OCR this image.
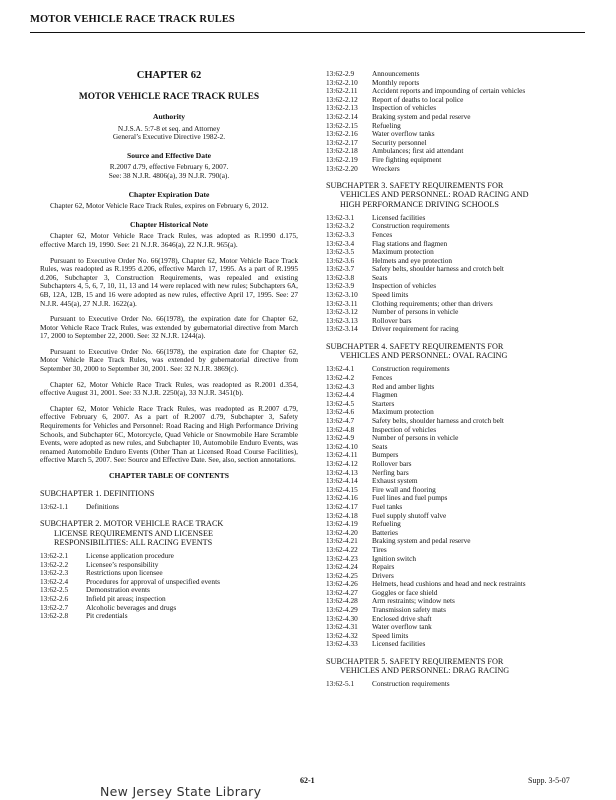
MOTOR VEHICLE RACE TRACK RULES
CHAPTER 62
MOTOR VEHICLE RACE TRACK RULES
Authority
N.J.S.A. 5:7-8 et seq. and Attorney
General’s Executive Directive 1982-2.
Source and Effective Date
R.2007 d.79, effective February 6, 2007.
See: 38 N.J.R. 4806(a), 39 N.J.R. 790(a).
Chapter Expiration Date

Chapter 62, Motor Vehicle Race Track Rules, expires on February 6, 2012.

Chapter Historical Note

Chapter 62, Motor Vehicle Race Track Rules, was adopted as R.1990 d.175, effective March 19, 1990. See: 21 N.J.R. 3646(a), 22 N.J.R. 965(a).

Pursuant to Executive Order No. 66(1978), Chapter 62, Motor Vehicle Race Track Rules, was readopted as R.1995 d.206, effective March 17, 1995. As a part of R.1995 d.206, Subchapter 3, Construction Requirements, was repealed and existing Subchapters 4, 5, 6, 7, 10, 11, 13 and 14 were replaced with new rules; Subchapters 6A, 6B, 12A, 12B, 15 and 16 were adopted as new rules, effective April 17, 1995. See: 27 N.J.R. 445(a), 27 N.J.R. 1622(a).

Pursuant to Executive Order No. 66(1978), the expiration date for Chapter 62, Motor Vehicle Race Track Rules, was extended by gubernatorial directive from March 17, 2000 to September 22, 2000. See: 32 N.J.R. 1244(a).

Pursuant to Executive Order No. 66(1978), the expiration date for Chapter 62, Motor Vehicle Race Track Rules, was extended by gubernatorial directive from September 30, 2000 to September 30, 2001. See: 32 N.J.R. 3869(c).

Chapter 62, Motor Vehicle Race Track Rules, was readopted as R.2001 d.354, effective August 31, 2001. See: 33 N.J.R. 2250(a), 33 N.J.R. 3451(b).

Chapter 62, Motor Vehicle Race Track Rules, was readopted as R.2007 d.79, effective February 6, 2007. As a part of R.2007 d.79, Subchapter 3, Safety Requirements for Vehicles and Personnel: Road Racing and High Performance Driving Schools, and Subchapter 6C, Motorcycle, Quad Vehicle or Snowmobile Hare Scramble Events, were adopted as new rules, and Subchapter 10, Automobile Enduro Events, was renamed Automobile Enduro Events (Other Than at Licensed Road Course Facilities), effective March 5, 2007. See: Source and Effective Date. See, also, section annotations.

CHAPTER TABLE OF CONTENTS
SUBCHAPTER 1. DEFINITIONS
13:62-1.1	Definitions
SUBCHAPTER 2. MOTOR VEHICLE RACE TRACK
LICENSE REQUIREMENTS AND LICENSEE
RESPONSIBILITIES: ALL RACING EVENTS
13:62-2.1	License application procedure
13:62-2.2	Licensee’s responsibility
13:62-2.3	Restrictions upon licensee
13:62-2.4	Procedures for approval of unspecified events
13:62-2.5	Demonstration events
13:62-2.6	Infield pit areas; inspection
13:62-2.7	Alcoholic beverages and drugs
13:62-2.8	Pit credentials
13:62-2.9	Announcements
13:62-2.10	Monthly reports
13:62-2.11	Accident reports and impounding of certain vehicles
13:62-2.12	Report of deaths to local police
13:62-2.13	Inspection of vehicles
13:62-2.14	Braking system and pedal reserve
13:62-2.15	Refueling
13:62-2.16	Water overflow tanks
13:62-2.17	Security personnel
13:62-2.18	Ambulances; first aid attendant
13:62-2.19	Fire fighting equipment
13:62-2.20	Wreckers
SUBCHAPTER 3. SAFETY REQUIREMENTS FOR
VEHICLES AND PERSONNEL: ROAD RACING AND
HIGH PERFORMANCE DRIVING SCHOOLS
13:62-3.1	Licensed facilities
13:62-3.2	Construction requirements
13:62-3.3	Fences
13:62-3.4	Flag stations and flagmen
13:62-3.5	Maximum protection
13:62-3.6	Helmets and eye protection
13:62-3.7	Safety belts, shoulder harness and crotch belt
13:62-3.8	Seats
13:62-3.9	Inspection of vehicles
13:62-3.10	Speed limits
13:62-3.11	Clothing requirements; other than drivers
13:62-3.12	Number of persons in vehicle
13:62-3.13	Rollover bars
13:62-3.14	Driver requirement for racing
SUBCHAPTER 4. SAFETY REQUIREMENTS FOR
VEHICLES AND PERSONNEL: OVAL RACING
13:62-4.1	Construction requirements
13:62-4.2	Fences
13:62-4.3	Red and amber lights
13:62-4.4	Flagmen
13:62-4.5	Starters
13:62-4.6	Maximum protection
13:62-4.7	Safety belts, shoulder harness and crotch belt
13:62-4.8	Inspection of vehicles
13:62-4.9	Number of persons in vehicle
13:62-4.10	Seats
13:62-4.11	Bumpers
13:62-4.12	Rollover bars
13:62-4.13	Nerfing bars
13:62-4.14	Exhaust system
13:62-4.15	Fire wall and flooring
13:62-4.16	Fuel lines and fuel pumps
13:62-4.17	Fuel tanks
13:62-4.18	Fuel supply shutoff valve
13:62-4.19	Refueling
13:62-4.20	Batteries
13:62-4.21	Braking system and pedal reserve
13:62-4.22	Tires
13:62-4.23	Ignition switch
13:62-4.24	Repairs
13:62-4.25	Drivers
13:62-4.26	Helmets, head cushions and head and neck restraints
13:62-4.27	Goggles or face shield
13:62-4.28	Arm restraints; window nets
13:62-4.29	Transmission safety mats
13:62-4.30	Enclosed drive shaft
13:62-4.31	Water overflow tank
13:62-4.32	Speed limits
13:62-4.33	Licensed facilities
SUBCHAPTER 5. SAFETY REQUIREMENTS FOR
VEHICLES AND PERSONNEL: DRAG RACING
13:62-5.1	Construction requirements
62-1	Supp. 3-5-07
New Jersey State Library
